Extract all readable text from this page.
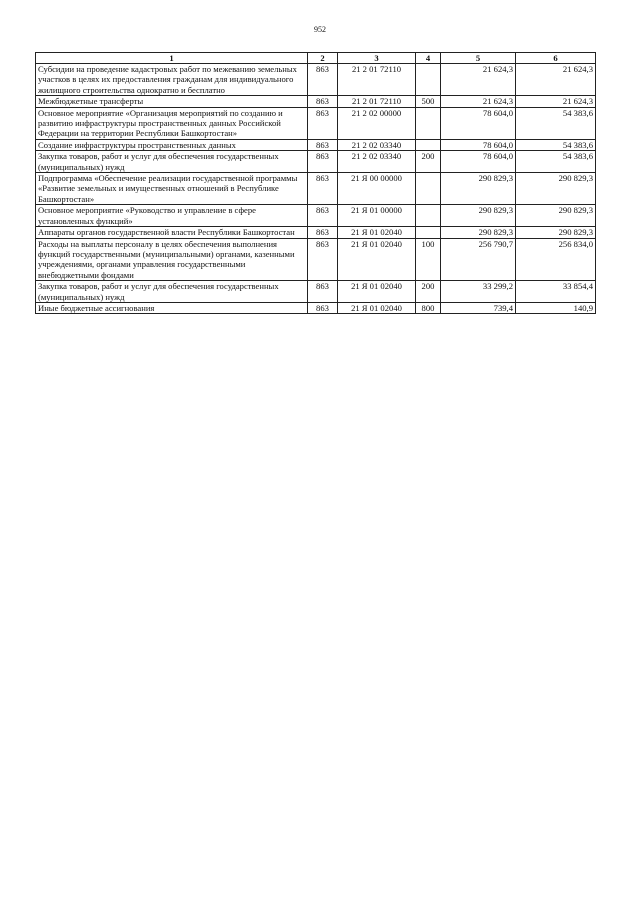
952
1	2	3	4	5	6
Субсидии на проведение кадастровых работ по межеванию земельных участков в целях их предоставления гражданам для индивидуального жилищного строительства однократно и бесплатно	863	21 2 01 72110		21 624,3	21 624,3
Межбюджетные трансферты	863	21 2 01 72110	500	21 624,3	21 624,3
Основное мероприятие «Организация мероприятий по созданию и развитию инфраструктуры пространственных данных Российской Федерации на территории Республики Башкортостан»	863	21 2 02 00000		78 604,0	54 383,6
Создание инфраструктуры пространственных данных	863	21 2 02 03340		78 604,0	54 383,6
Закупка товаров, работ и услуг для обеспечения государственных (муниципальных) нужд	863	21 2 02 03340	200	78 604,0	54 383,6
Подпрограмма «Обеспечение реализации государственной программы «Развитие земельных и имущественных отношений в Республике Башкортостан»	863	21 Я 00 00000		290 829,3	290 829,3
Основное мероприятие «Руководство и управление в сфере установленных функций»	863	21 Я 01 00000		290 829,3	290 829,3
Аппараты органов государственной власти Республики Башкортостан	863	21 Я 01 02040		290 829,3	290 829,3
Расходы на выплаты персоналу в целях обеспечения выполнения функций государственными (муниципальными) органами, казенными учреждениями, органами управления государственными внебюджетными фондами	863	21 Я 01 02040	100	256 790,7	256 834,0
Закупка товаров, работ и услуг для обеспечения государственных (муниципальных) нужд	863	21 Я 01 02040	200	33 299,2	33 854,4
Иные бюджетные ассигнования	863	21 Я 01 02040	800	739,4	140,9
